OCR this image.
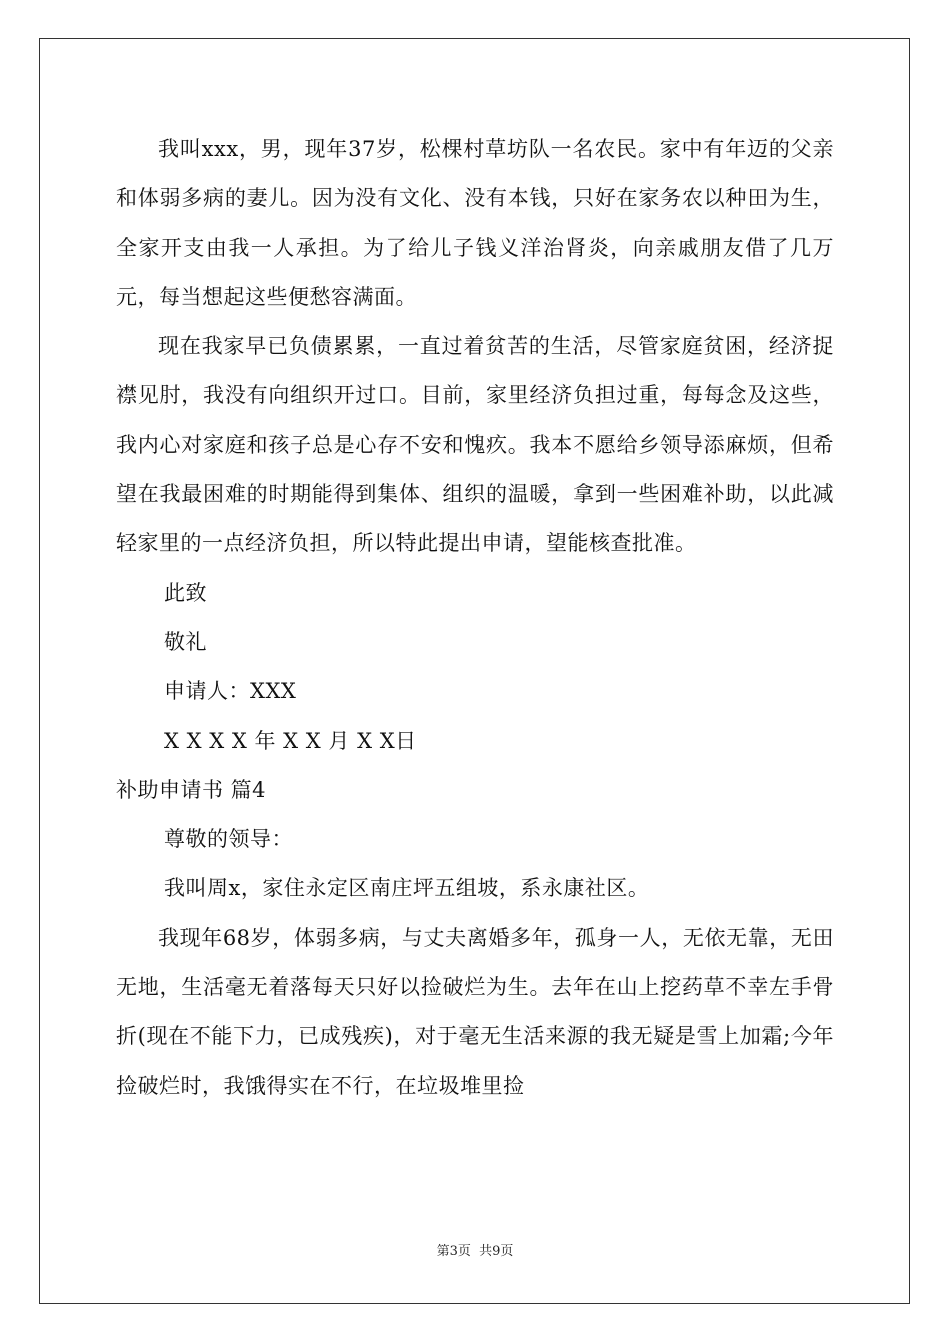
我叫xxx，男，现年37岁，松棵村草坊队一名农民。家中有年迈的父亲和体弱多病的妻儿。因为没有文化、没有本钱，只好在家务农以种田为生，全家开支由我一人承担。为了给儿子钱义洋治肾炎，向亲戚朋友借了几万元，每当想起这些便愁容满面。

现在我家早已负债累累，一直过着贫苦的生活，尽管家庭贫困，经济捉襟见肘，我没有向组织开过口。目前，家里经济负担过重，每每念及这些，我内心对家庭和孩子总是心存不安和愧疚。我本不愿给乡领导添麻烦，但希望在我最困难的时期能得到集体、组织的温暖，拿到一些困难补助，以此减轻家里的一点经济负担，所以特此提出申请，望能核查批准。

此致

敬礼

申请人：XXX

X X X X 年 X X 月 X X日

补助申请书 篇4

尊敬的领导：

我叫周x，家住永定区南庄坪五组坡，系永康社区。

我现年68岁，体弱多病，与丈夫离婚多年，孤身一人，无依无靠，无田无地，生活毫无着落每天只好以捡破烂为生。去年在山上挖药草不幸左手骨折(现在不能下力，已成残疾)，对于毫无生活来源的我无疑是雪上加霜;今年捡破烂时，我饿得实在不行，在垃圾堆里捡

第3页 共9页
